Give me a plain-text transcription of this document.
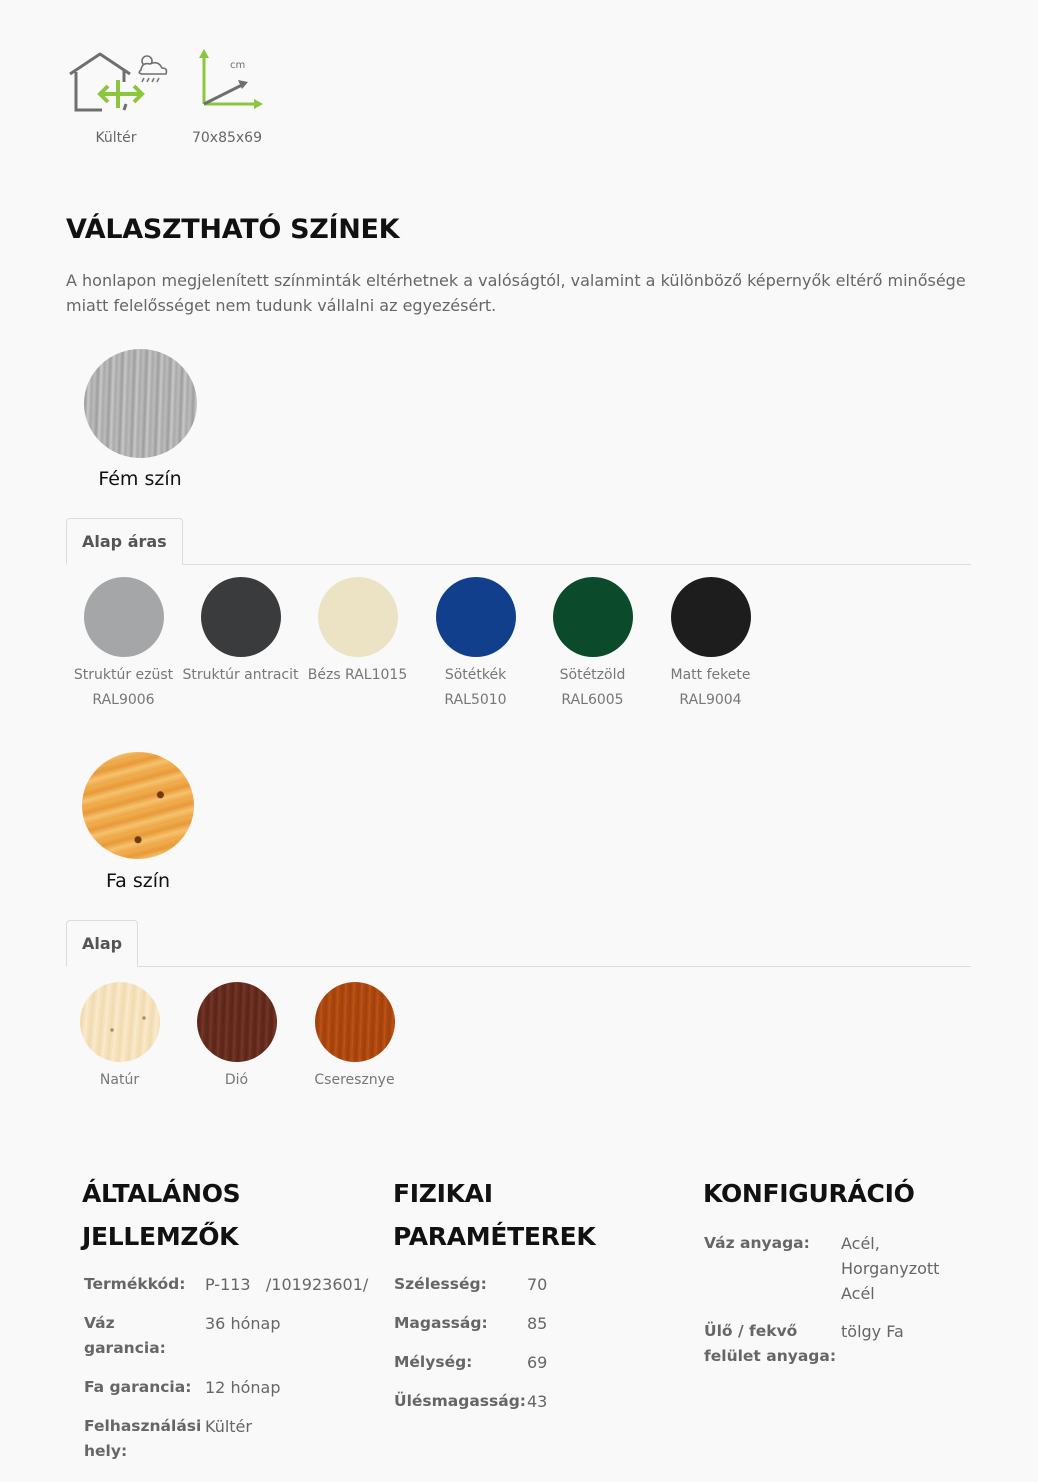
Kültér
cm
70x85x69
VÁLASZTHATÓ SZÍNEK
A honlapon megjelenített színminták eltérhetnek a valóságtól, valamint a különböző képernyők eltérő minősége miatt felelősséget nem tudunk vállalni az egyezésért.
Fém szín
Alap áras
Struktúr ezüst
RAL9006
Struktúr antracit Bézs RAL1015	Sötétkék
RAL5010
Sötétzöld
RAL6005
Matt fekete
RAL9004
Fa szín
Alap
Natúr	Dió	Cseresznye
ÁLTALÁNOS
JELLEMZŐK
Termékkód: P-113   /101923601/
Váz
garancia:
36 hónap
Fa garancia: 12 hónap
Felhasználási
hely:
Kültér
FIZIKAI
PARAMÉTEREK
Szélesség:	70
Magasság: 85
Mélység:	69
Ülésmagasság: 43
KONFIGURÁCIÓ
Váz anyaga: Acél,
Horganyzott
Acél
Ülő / fekvő
felület anyaga:
tölgy Fa
